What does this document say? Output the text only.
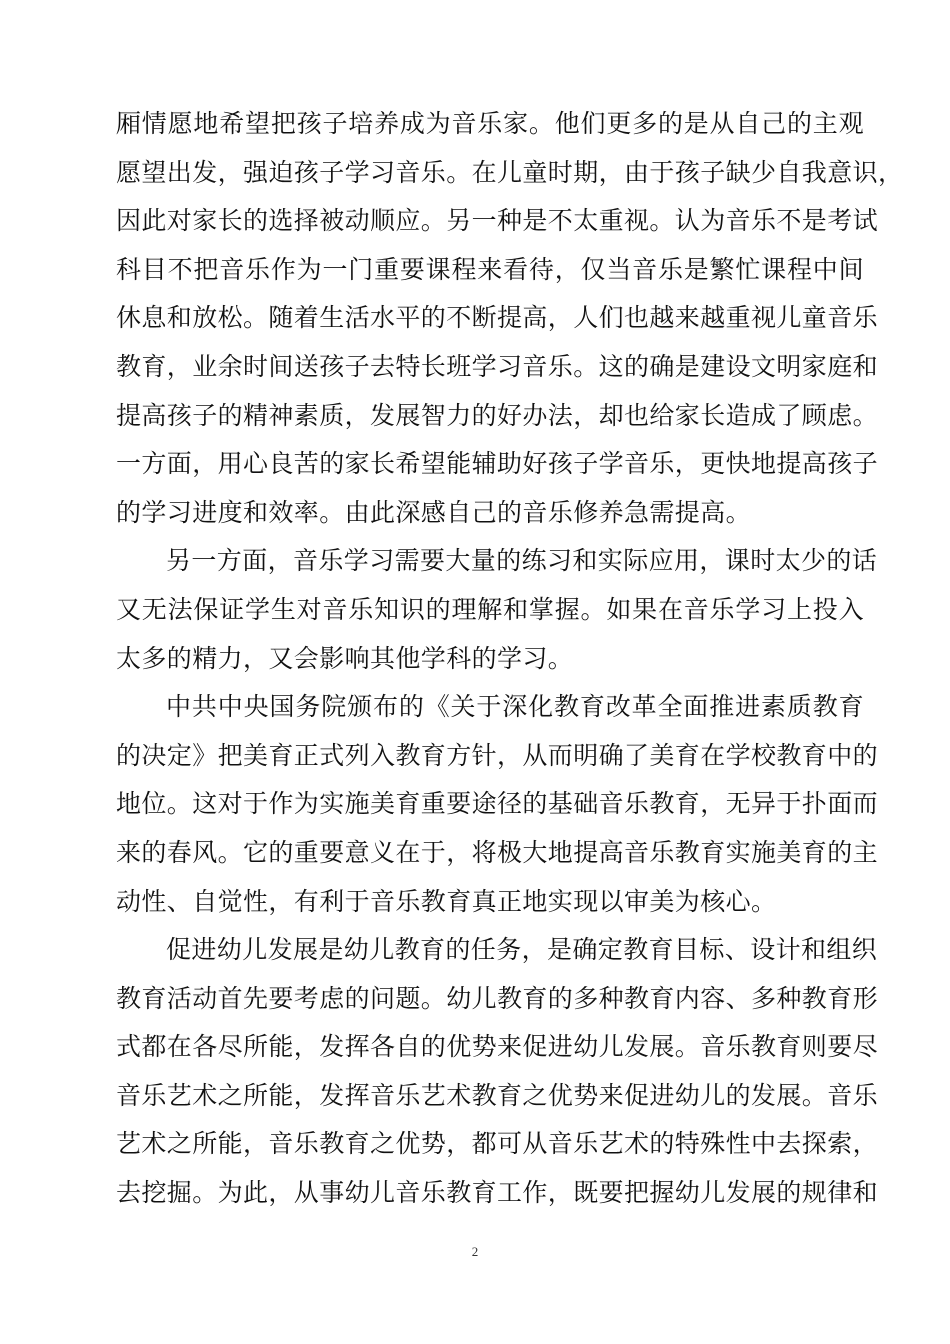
厢情愿地希望把孩子培养成为音乐家。他们更多的是从自己的主观
愿望出发，强迫孩子学习音乐。在儿童时期，由于孩子缺少自我意识，
因此对家长的选择被动顺应。另一种是不太重视。认为音乐不是考试
科目不把音乐作为一门重要课程来看待，仅当音乐是繁忙课程中间
休息和放松。随着生活水平的不断提高，人们也越来越重视儿童音乐
教育，业余时间送孩子去特长班学习音乐。这的确是建设文明家庭和
提高孩子的精神素质，发展智力的好办法，却也给家长造成了顾虑。
一方面，用心良苦的家长希望能辅助好孩子学音乐，更快地提高孩子
的学习进度和效率。由此深感自己的音乐修养急需提高。
另一方面，音乐学习需要大量的练习和实际应用，课时太少的话
又无法保证学生对音乐知识的理解和掌握。如果在音乐学习上投入
太多的精力，又会影响其他学科的学习。
中共中央国务院颁布的《关于深化教育改革全面推进素质教育
的决定》把美育正式列入教育方针，从而明确了美育在学校教育中的
地位。这对于作为实施美育重要途径的基础音乐教育，无异于扑面而
来的春风。它的重要意义在于，将极大地提高音乐教育实施美育的主
动性、自觉性，有利于音乐教育真正地实现以审美为核心。
促进幼儿发展是幼儿教育的任务，是确定教育目标、设计和组织
教育活动首先要考虑的问题。幼儿教育的多种教育内容、多种教育形
式都在各尽所能，发挥各自的优势来促进幼儿发展。音乐教育则要尽
音乐艺术之所能，发挥音乐艺术教育之优势来促进幼儿的发展。音乐
艺术之所能，音乐教育之优势，都可从音乐艺术的特殊性中去探索，
去挖掘。为此，从事幼儿音乐教育工作，既要把握幼儿发展的规律和
2
